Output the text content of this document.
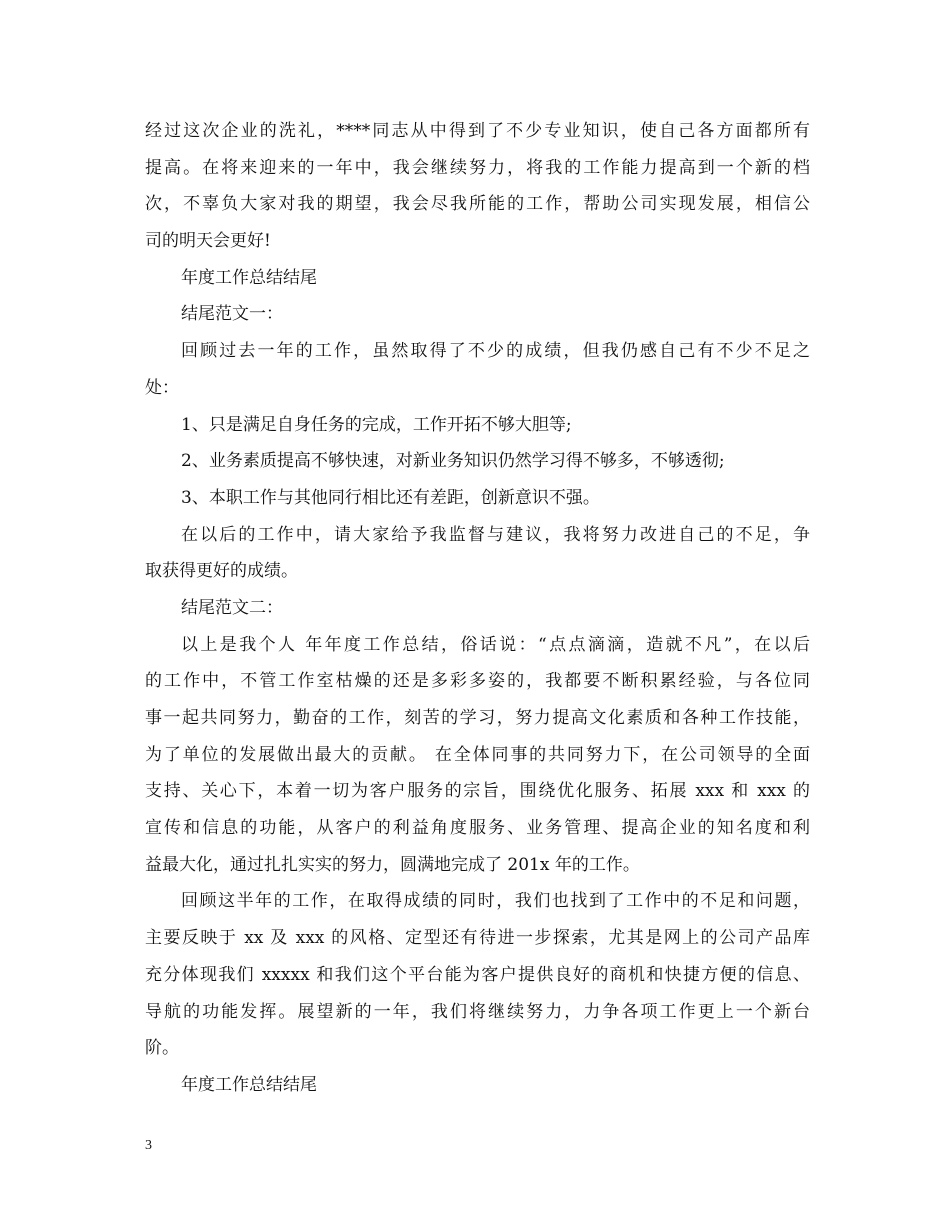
经过这次企业的洗礼，****同志从中得到了不少专业知识，使自己各方面都所有
提高。在将来迎来的一年中，我会继续努力，将我的工作能力提高到一个新的档
次，不辜负大家对我的期望，我会尽我所能的工作，帮助公司实现发展，相信公
司的明天会更好!
年度工作总结结尾
结尾范文一：
回顾过去一年的工作，虽然取得了不少的成绩，但我仍感自己有不少不足之
处：
1、只是满足自身任务的完成，工作开拓不够大胆等;
2、业务素质提高不够快速，对新业务知识仍然学习得不够多，不够透彻;
3、本职工作与其他同行相比还有差距，创新意识不强。
在以后的工作中，请大家给予我监督与建议，我将努力改进自己的不足，争
取获得更好的成绩。
结尾范文二：
以上是我个人 年年度工作总结，俗话说：“点点滴滴，造就不凡”，在以后
的工作中，不管工作室枯燥的还是多彩多姿的，我都要不断积累经验，与各位同
事一起共同努力，勤奋的工作，刻苦的学习，努力提高文化素质和各种工作技能，
为了单位的发展做出最大的贡献。 在全体同事的共同努力下，在公司领导的全面
支持、关心下，本着一切为客户服务的宗旨，围绕优化服务、拓展 xxx 和 xxx 的
宣传和信息的功能，从客户的利益角度服务、业务管理、提高企业的知名度和利
益最大化，通过扎扎实实的努力，圆满地完成了 201x 年的工作。
回顾这半年的工作，在取得成绩的同时，我们也找到了工作中的不足和问题，
主要反映于 xx 及 xxx 的风格、定型还有待进一步探索，尤其是网上的公司产品库
充分体现我们 xxxxx 和我们这个平台能为客户提供良好的商机和快捷方便的信息、
导航的功能发挥。展望新的一年，我们将继续努力，力争各项工作更上一个新台
阶。
年度工作总结结尾
3
